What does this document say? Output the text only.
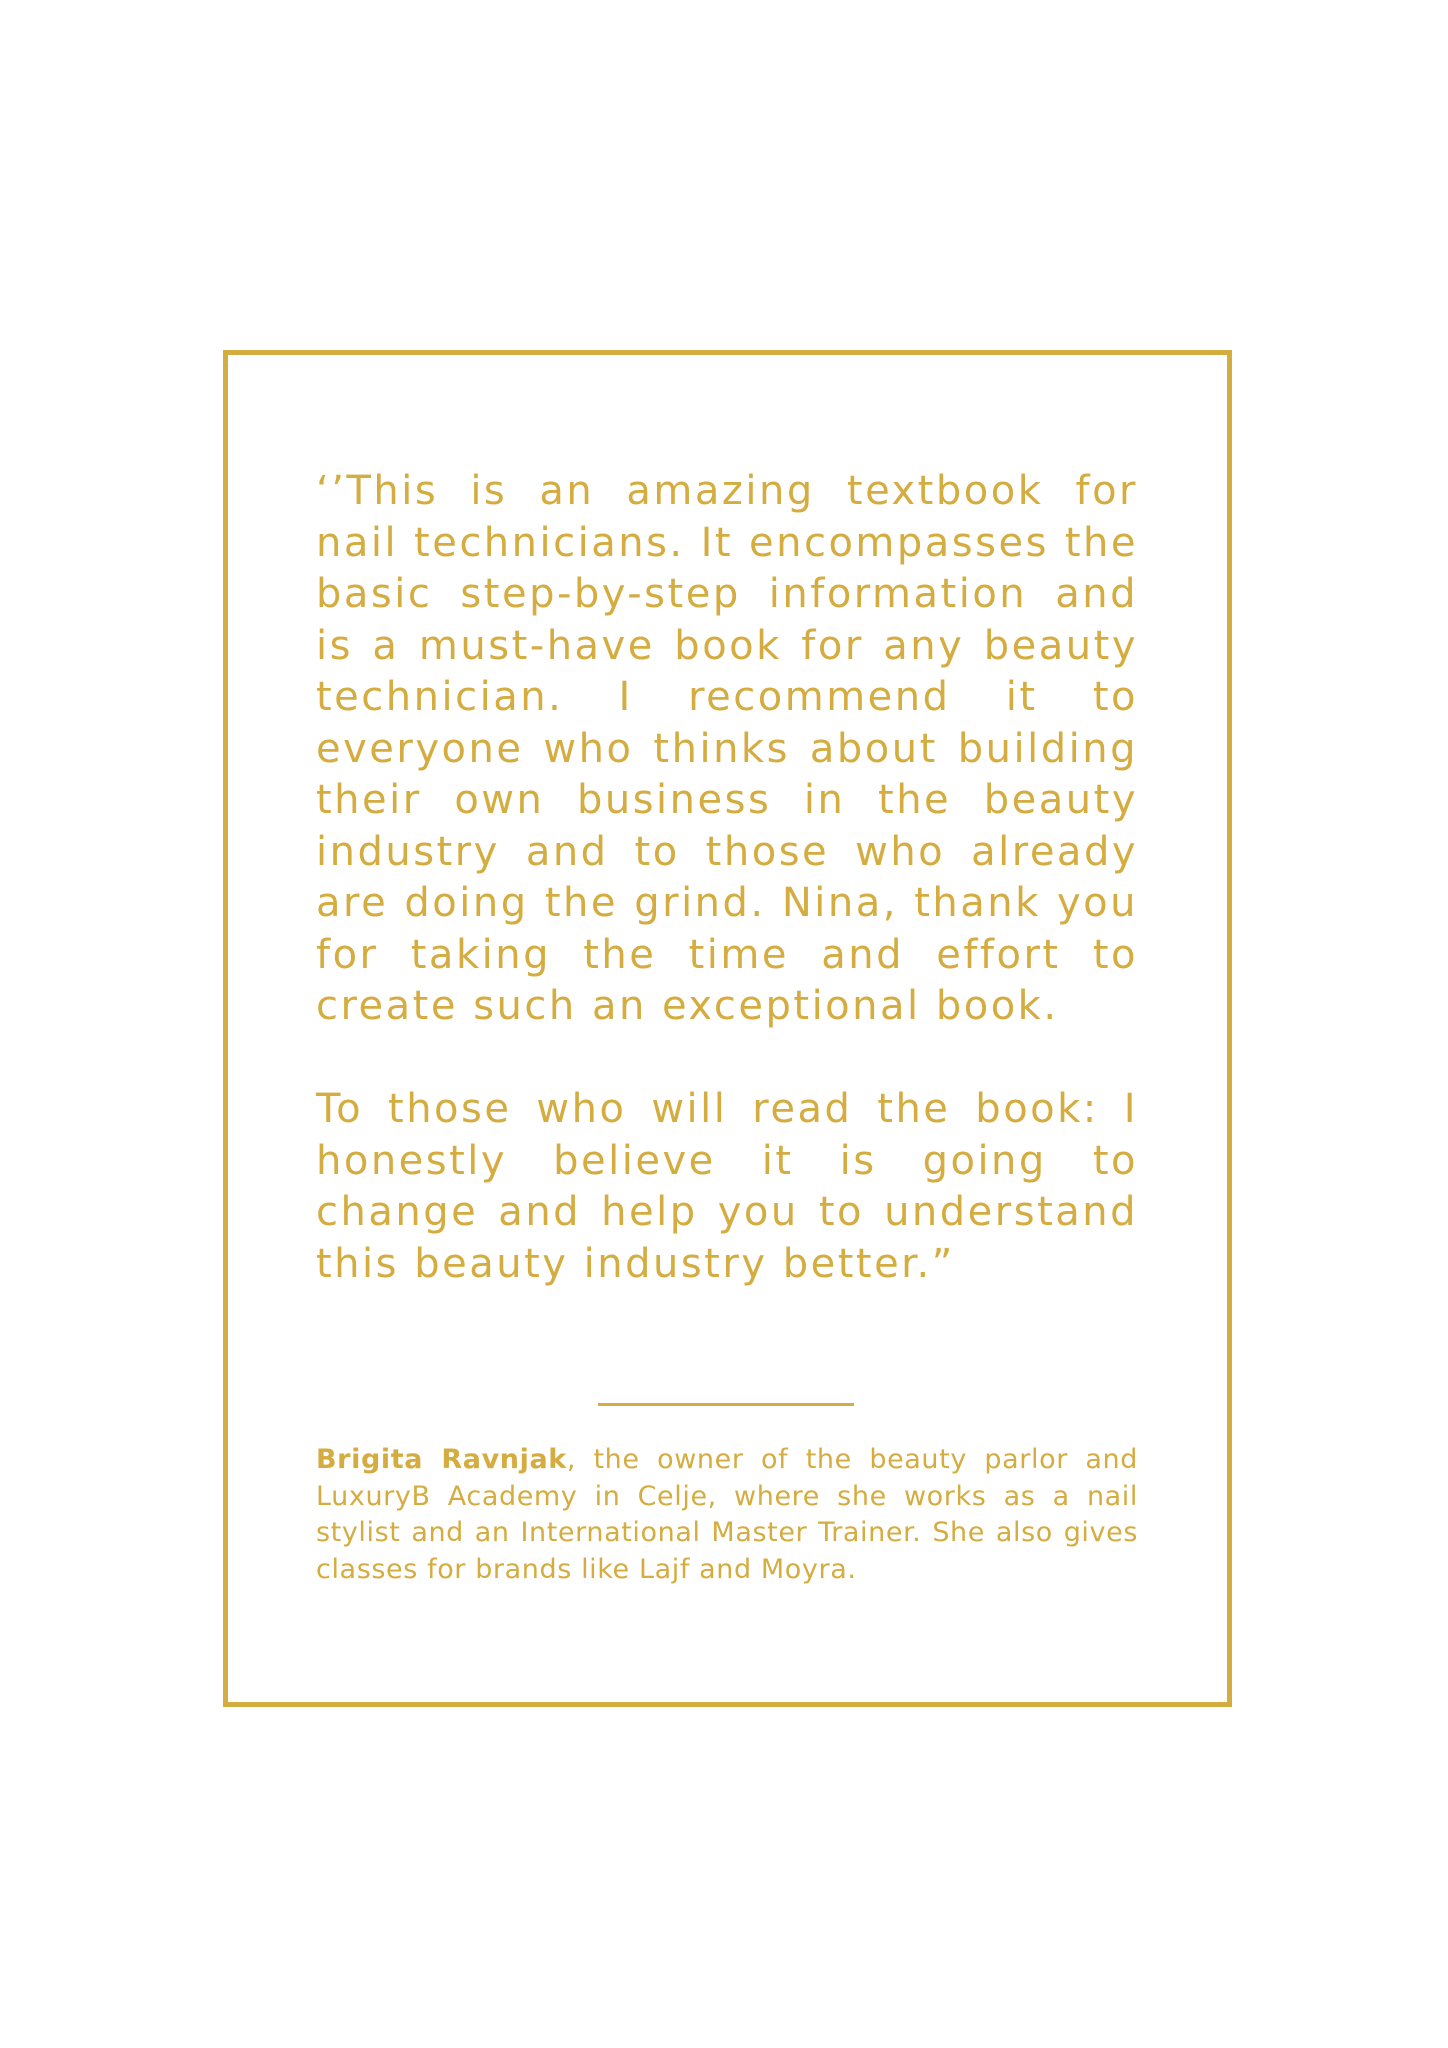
‘’This is an amazing textbook for nail technicians. It encompasses the basic step-by-step information and is a must-have book for any beauty technician. I recommend it to everyone who thinks about building their own business in the beauty industry and to those who already are doing the grind. Nina, thank you for taking the time and effort to create such an exceptional book.

To those who will read the book: I honestly believe it is going to change and help you to understand this beauty industry better.”

Brigita Ravnjak, the owner of the beauty parlor and LuxuryB Academy in Celje, where she works as a nail stylist and an International Master Trainer. She also gives classes for brands like Lajf and Moyra.
